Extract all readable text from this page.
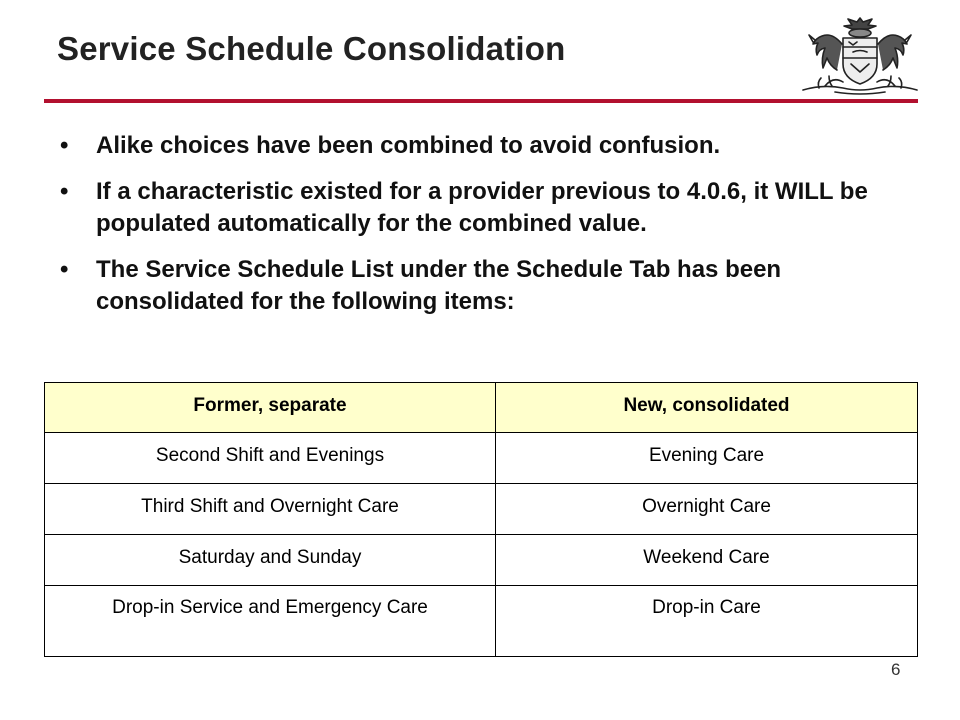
Service Schedule Consolidation
• Alike choices have been combined to avoid confusion.
• If a characteristic existed for a provider previous to 4.0.6, it WILL be populated automatically for the combined value.
• The Service Schedule List under the Schedule Tab has been consolidated for the following items:
Former, separate	New, consolidated
Second Shift and Evenings	Evening Care
Third Shift and Overnight Care	Overnight Care
Saturday and Sunday	Weekend Care
Drop-in Service and Emergency Care	Drop-in Care
6
